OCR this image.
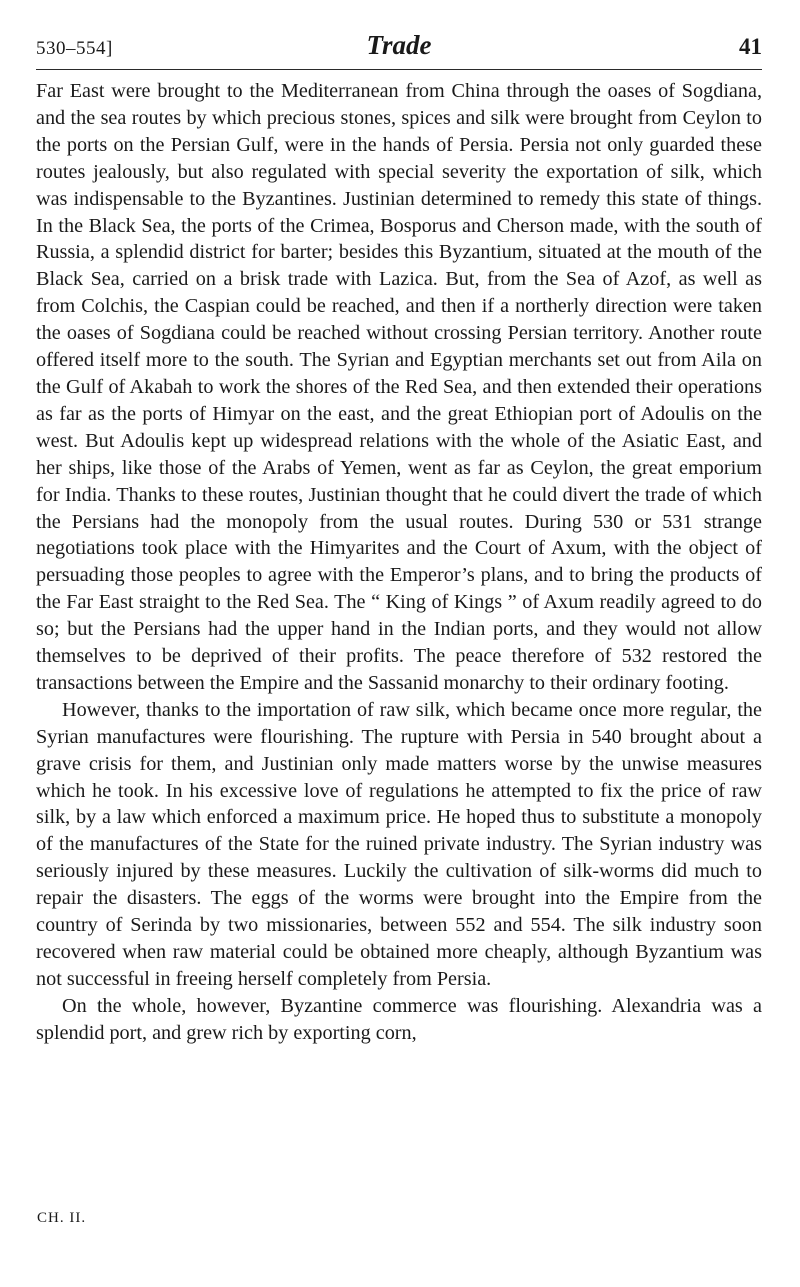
530–554]	Trade	41

Far East were brought to the Mediterranean from China through the oases of Sogdiana, and the sea routes by which precious stones, spices and silk were brought from Ceylon to the ports on the Persian Gulf, were in the hands of Persia. Persia not only guarded these routes jealously, but also regulated with special severity the exportation of silk, which was indispensable to the Byzantines. Justinian determined to remedy this state of things. In the Black Sea, the ports of the Crimea, Bosporus and Cherson made, with the south of Russia, a splendid district for barter; besides this Byzantium, situated at the mouth of the Black Sea, carried on a brisk trade with Lazica. But, from the Sea of Azof, as well as from Colchis, the Caspian could be reached, and then if a northerly direction were taken the oases of Sogdiana could be reached without crossing Persian territory. Another route offered itself more to the south. The Syrian and Egyptian merchants set out from Aila on the Gulf of Akabah to work the shores of the Red Sea, and then extended their operations as far as the ports of Himyar on the east, and the great Ethiopian port of Adoulis on the west. But Adoulis kept up widespread relations with the whole of the Asiatic East, and her ships, like those of the Arabs of Yemen, went as far as Ceylon, the great emporium for India. Thanks to these routes, Justinian thought that he could divert the trade of which the Persians had the monopoly from the usual routes. During 530 or 531 strange negotiations took place with the Himyarites and the Court of Axum, with the object of persuading those peoples to agree with the Emperor’s plans, and to bring the products of the Far East straight to the Red Sea. The “ King of Kings ” of Axum readily agreed to do so; but the Persians had the upper hand in the Indian ports, and they would not allow themselves to be deprived of their profits. The peace therefore of 532 restored the transactions between the Empire and the Sassanid monarchy to their ordinary footing.

However, thanks to the importation of raw silk, which became once more regular, the Syrian manufactures were flourishing. The rupture with Persia in 540 brought about a grave crisis for them, and Justinian only made matters worse by the unwise measures which he took. In his excessive love of regulations he attempted to fix the price of raw silk, by a law which enforced a maximum price. He hoped thus to substitute a monopoly of the manufactures of the State for the ruined private industry. The Syrian industry was seriously injured by these measures. Luckily the cultivation of silk-worms did much to repair the disasters. The eggs of the worms were brought into the Empire from the country of Serinda by two missionaries, between 552 and 554. The silk industry soon recovered when raw material could be obtained more cheaply, although Byzantium was not successful in freeing herself completely from Persia.

On the whole, however, Byzantine commerce was flourishing. Alexandria was a splendid port, and grew rich by exporting corn,

CH. II.
